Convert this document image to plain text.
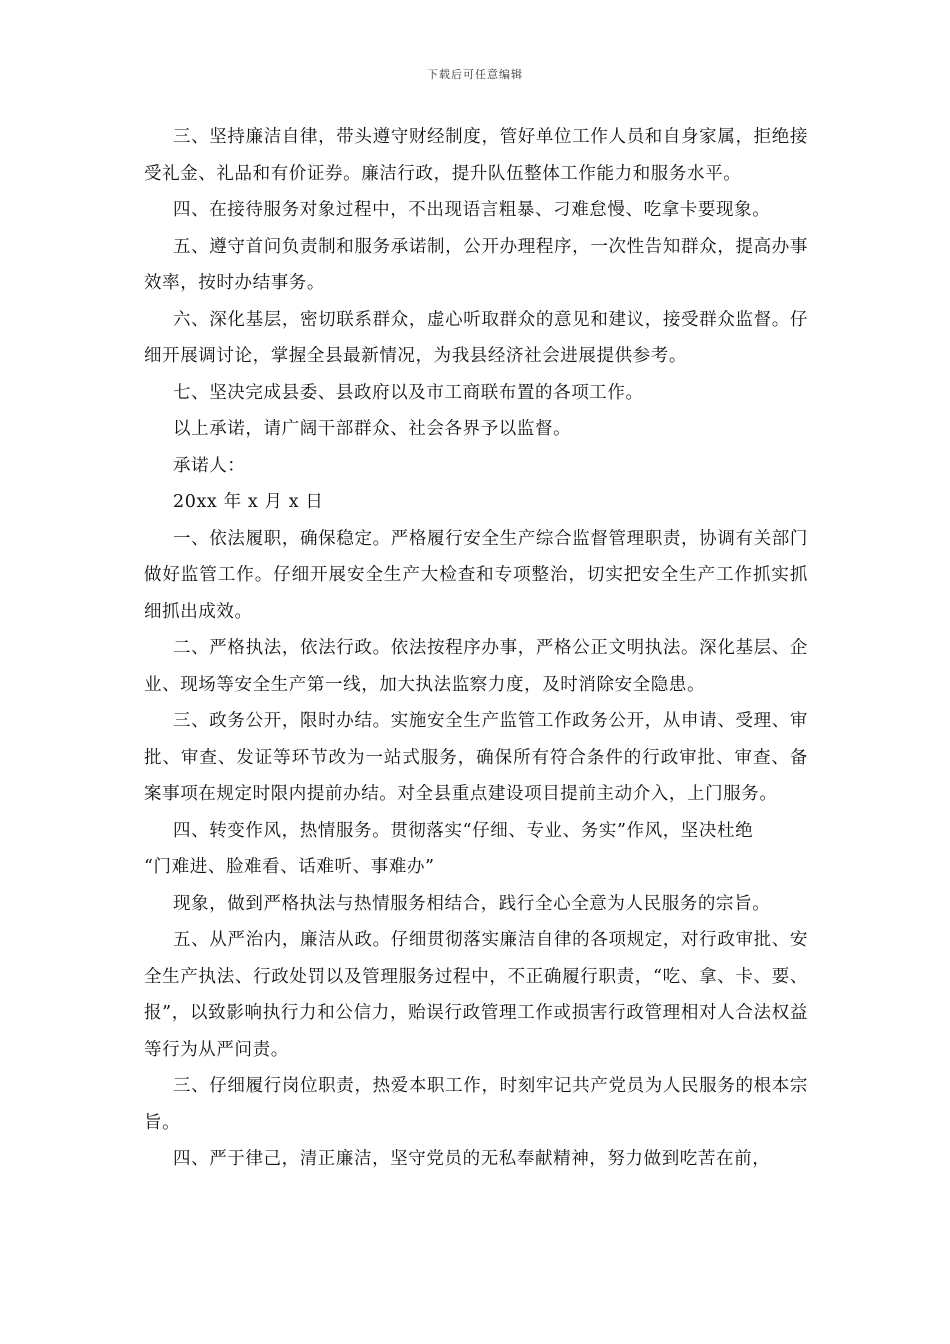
下载后可任意编辑

三、坚持廉洁自律，带头遵守财经制度，管好单位工作人员和自身家属，拒绝接受礼金、礼品和有价证券。廉洁行政，提升队伍整体工作能力和服务水平。

四、在接待服务对象过程中，不出现语言粗暴、刁难怠慢、吃拿卡要现象。

五、遵守首问负责制和服务承诺制，公开办理程序，一次性告知群众，提高办事效率，按时办结事务。

六、深化基层，密切联系群众，虚心听取群众的意见和建议，接受群众监督。仔细开展调讨论，掌握全县最新情况，为我县经济社会进展提供参考。

七、坚决完成县委、县政府以及市工商联布置的各项工作。

以上承诺，请广阔干部群众、社会各界予以监督。

承诺人：

20xx 年 x 月 x 日

一、依法履职，确保稳定。严格履行安全生产综合监督管理职责，协调有关部门做好监管工作。仔细开展安全生产大检查和专项整治，切实把安全生产工作抓实抓细抓出成效。

二、严格执法，依法行政。依法按程序办事，严格公正文明执法。深化基层、企业、现场等安全生产第一线，加大执法监察力度，及时消除安全隐患。

三、政务公开，限时办结。实施安全生产监管工作政务公开，从申请、受理、审批、审查、发证等环节改为一站式服务，确保所有符合条件的行政审批、审查、备案事项在规定时限内提前办结。对全县重点建设项目提前主动介入，上门服务。

四、转变作风，热情服务。贯彻落实“仔细、专业、务实”作风，坚决杜绝

“门难进、脸难看、话难听、事难办”

现象，做到严格执法与热情服务相结合，践行全心全意为人民服务的宗旨。

五、从严治内，廉洁从政。仔细贯彻落实廉洁自律的各项规定，对行政审批、安全生产执法、行政处罚以及管理服务过程中，不正确履行职责，“吃、拿、卡、要、报”，以致影响执行力和公信力，贻误行政管理工作或损害行政管理相对人合法权益等行为从严问责。

三、仔细履行岗位职责，热爱本职工作，时刻牢记共产党员为人民服务的根本宗旨。

四、严于律己，清正廉洁，坚守党员的无私奉献精神，努力做到吃苦在前，
